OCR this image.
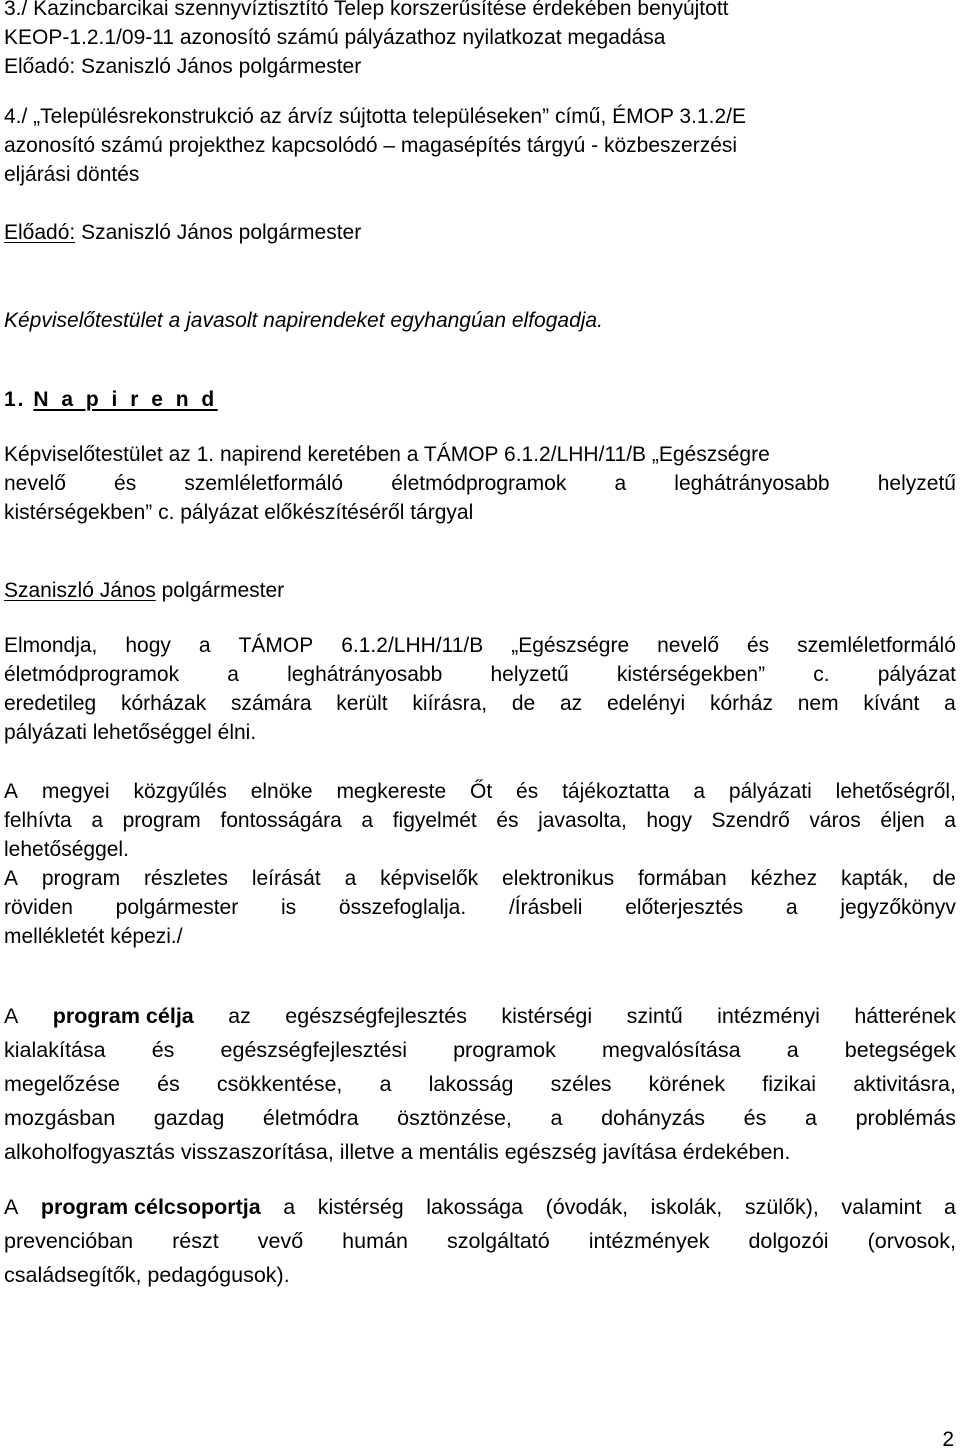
3./ Kazincbarcikai szennyvíztisztító Telep korszerűsítése érdekében benyújtott
KEOP-1.2.1/09-11 azonosító számú pályázathoz nyilatkozat megadása
Előadó: Szaniszló János polgármester
4./ „Településrekonstrukció az árvíz sújtotta településeken” című, ÉMOP 3.1.2/E
azonosító számú projekthez kapcsolódó – magasépítés tárgyú - közbeszerzési
eljárási döntés

Előadó: Szaniszló János polgármester

Képviselőtestület a javasolt napirendeket egyhangúan elfogadja.

1. N a p i r e n d

Képviselőtestület az 1. napirend keretében a TÁMOP 6.1.2/LHH/11/B „Egészségre
nevelő és szemléletformáló életmódprogramok a leghátrányosabb helyzetű
kistérségekben” c. pályázat előkészítéséről tárgyal

Szaniszló János polgármester

Elmondja, hogy a TÁMOP 6.1.2/LHH/11/B „Egészségre nevelő és szemléletformáló
életmódprogramok a leghátrányosabb helyzetű kistérségekben” c. pályázat
eredetileg kórházak számára került kiírásra, de az edelényi kórház nem kívánt a
pályázati lehetőséggel élni.
A megyei közgyűlés elnöke megkereste Őt és tájékoztatta a pályázati lehetőségről,
felhívta a program fontosságára a figyelmét és javasolta, hogy Szendrő város éljen a
lehetőséggel.
A program részletes leírását a képviselők elektronikus formában kézhez kapták, de
röviden polgármester is összefoglalja. /Írásbeli előterjesztés a jegyzőkönyv
mellékletét képezi./
A program célja az egészségfejlesztés kistérségi szintű intézményi hátterének
kialakítása és egészségfejlesztési programok megvalósítása a betegségek
megelőzése és csökkentése, a lakosság széles körének fizikai aktivitásra,
mozgásban gazdag életmódra ösztönzése, a dohányzás és a problémás
alkoholfogyasztás visszaszorítása, illetve a mentális egészség javítása érdekében.
A program célcsoportja a kistérség lakossága (óvodák, iskolák, szülők), valamint a
prevencióban részt vevő humán szolgáltató intézmények dolgozói (orvosok,
családsegítők, pedagógusok).
2
